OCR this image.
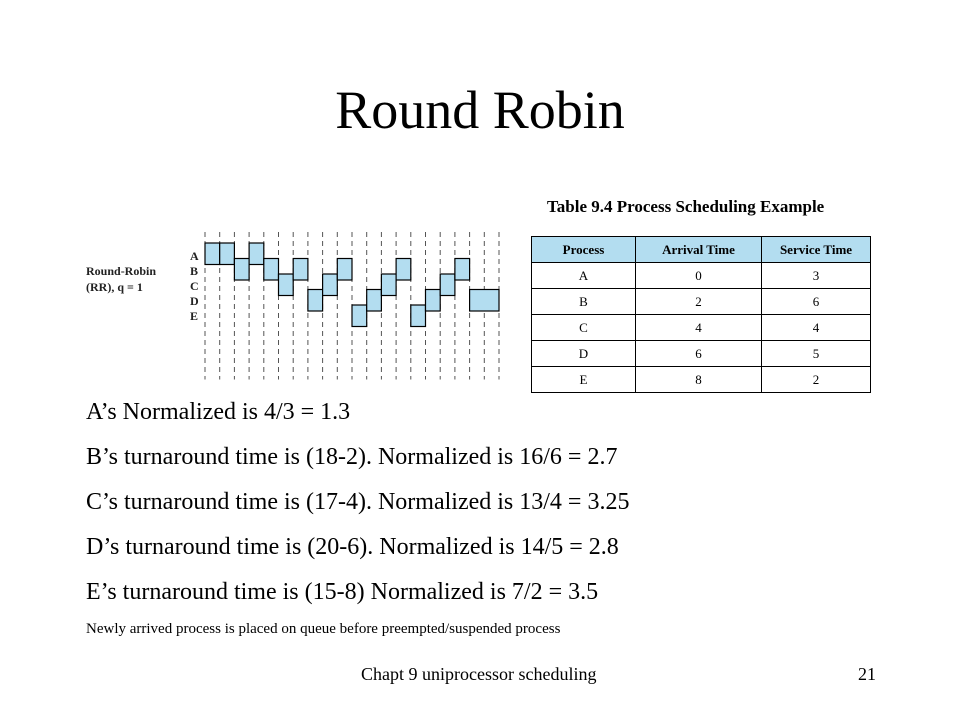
Round Robin
Table 9.4 Process Scheduling Example
Process	Arrival Time	Service Time
A	0	3
B	2	6
C	4	4
D	6	5
E	8	2
Round-Robin
(RR), q = 1
A
B
C
D
E
A’s Normalized is 4/3 = 1.3
B’s turnaround time is (18-2). Normalized is 16/6 = 2.7
C’s turnaround time is (17-4). Normalized is 13/4 = 3.25
D’s turnaround time is (20-6). Normalized is 14/5 = 2.8
E’s turnaround time is (15-8) Normalized is 7/2 = 3.5
Newly arrived process is placed on queue before preempted/suspended process
Chapt 9 uniprocessor scheduling	21
